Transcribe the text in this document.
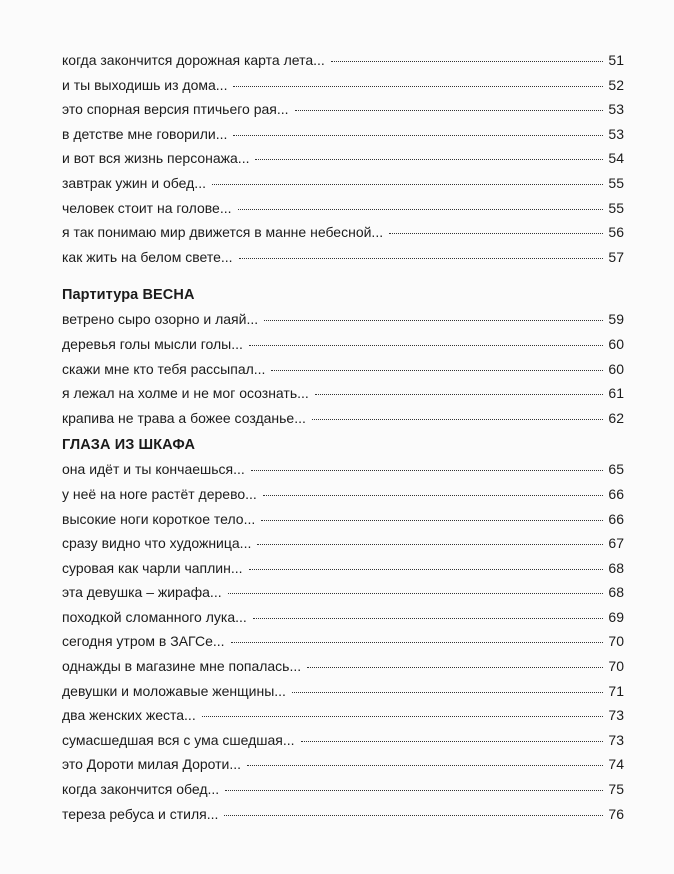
когда закончится дорожная карта лета...	51
и ты выходишь из дома...	52
это спорная версия птичьего рая...	53
в детстве мне говорили...	53
и вот вся жизнь персонажа...	54
завтрак ужин и обед...	55
человек стоит на голове...	55
я так понимаю мир движется в манне небесной...	56
как жить на белом свете...	57
Партитура ВЕСНА
ветрено сыро озорно и лаяй...	59
деревья голы мысли голы...	60
скажи мне кто тебя рассыпал...	60
я лежал на холме и не мог осознать...	61
крапива не трава а божее созданье...	62
ГЛАЗА ИЗ ШКАФА
она идёт и ты кончаешься...	65
у неё на ноге растёт дерево...	66
высокие ноги короткое тело...	66
сразу видно что художница...	67
суровая как чарли чаплин...	68
эта девушка – жирафа...	68
походкой сломанного лука...	69
сегодня утром в ЗАГСе...	70
однажды в магазине мне попалась...	70
девушки и моложавые женщины...	71
два женских жеста...	73
сумасшедшая вся с ума сшедшая...	73
это Дороти милая Дороти...	74
когда закончится обед...	75
тереза ребуса и стиля...	76
